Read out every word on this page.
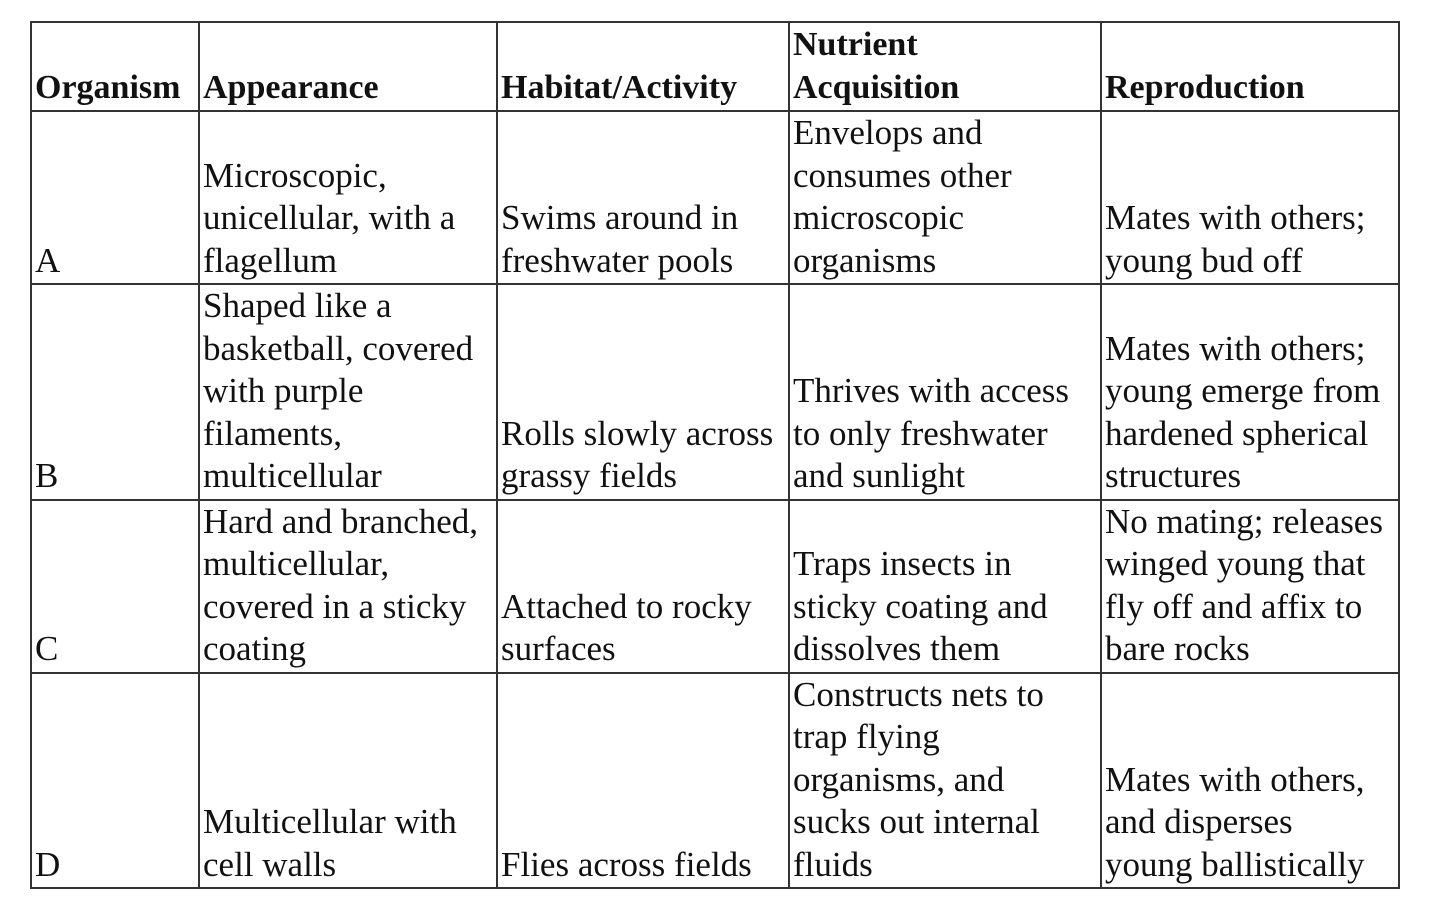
Organism	Appearance	Habitat/Activity	Nutrient
Acquisition	Reproduction

A	Microscopic,
unicellular, with a
flagellum	Swims around in
freshwater pools	Envelops and
consumes other
microscopic
organisms	Mates with others;
young bud off

B	Shaped like a
basketball, covered
with purple
filaments,
multicellular	Rolls slowly across
grassy fields	Thrives with access
to only freshwater
and sunlight	Mates with others;
young emerge from
hardened spherical
structures

C	Hard and branched,
multicellular,
covered in a sticky
coating	Attached to rocky
surfaces	Traps insects in
sticky coating and
dissolves them	No mating; releases
winged young that
fly off and affix to
bare rocks

D	Multicellular with
cell walls	Flies across fields	Constructs nets to
trap flying
organisms, and
sucks out internal
fluids	Mates with others,
and disperses
young ballistically
